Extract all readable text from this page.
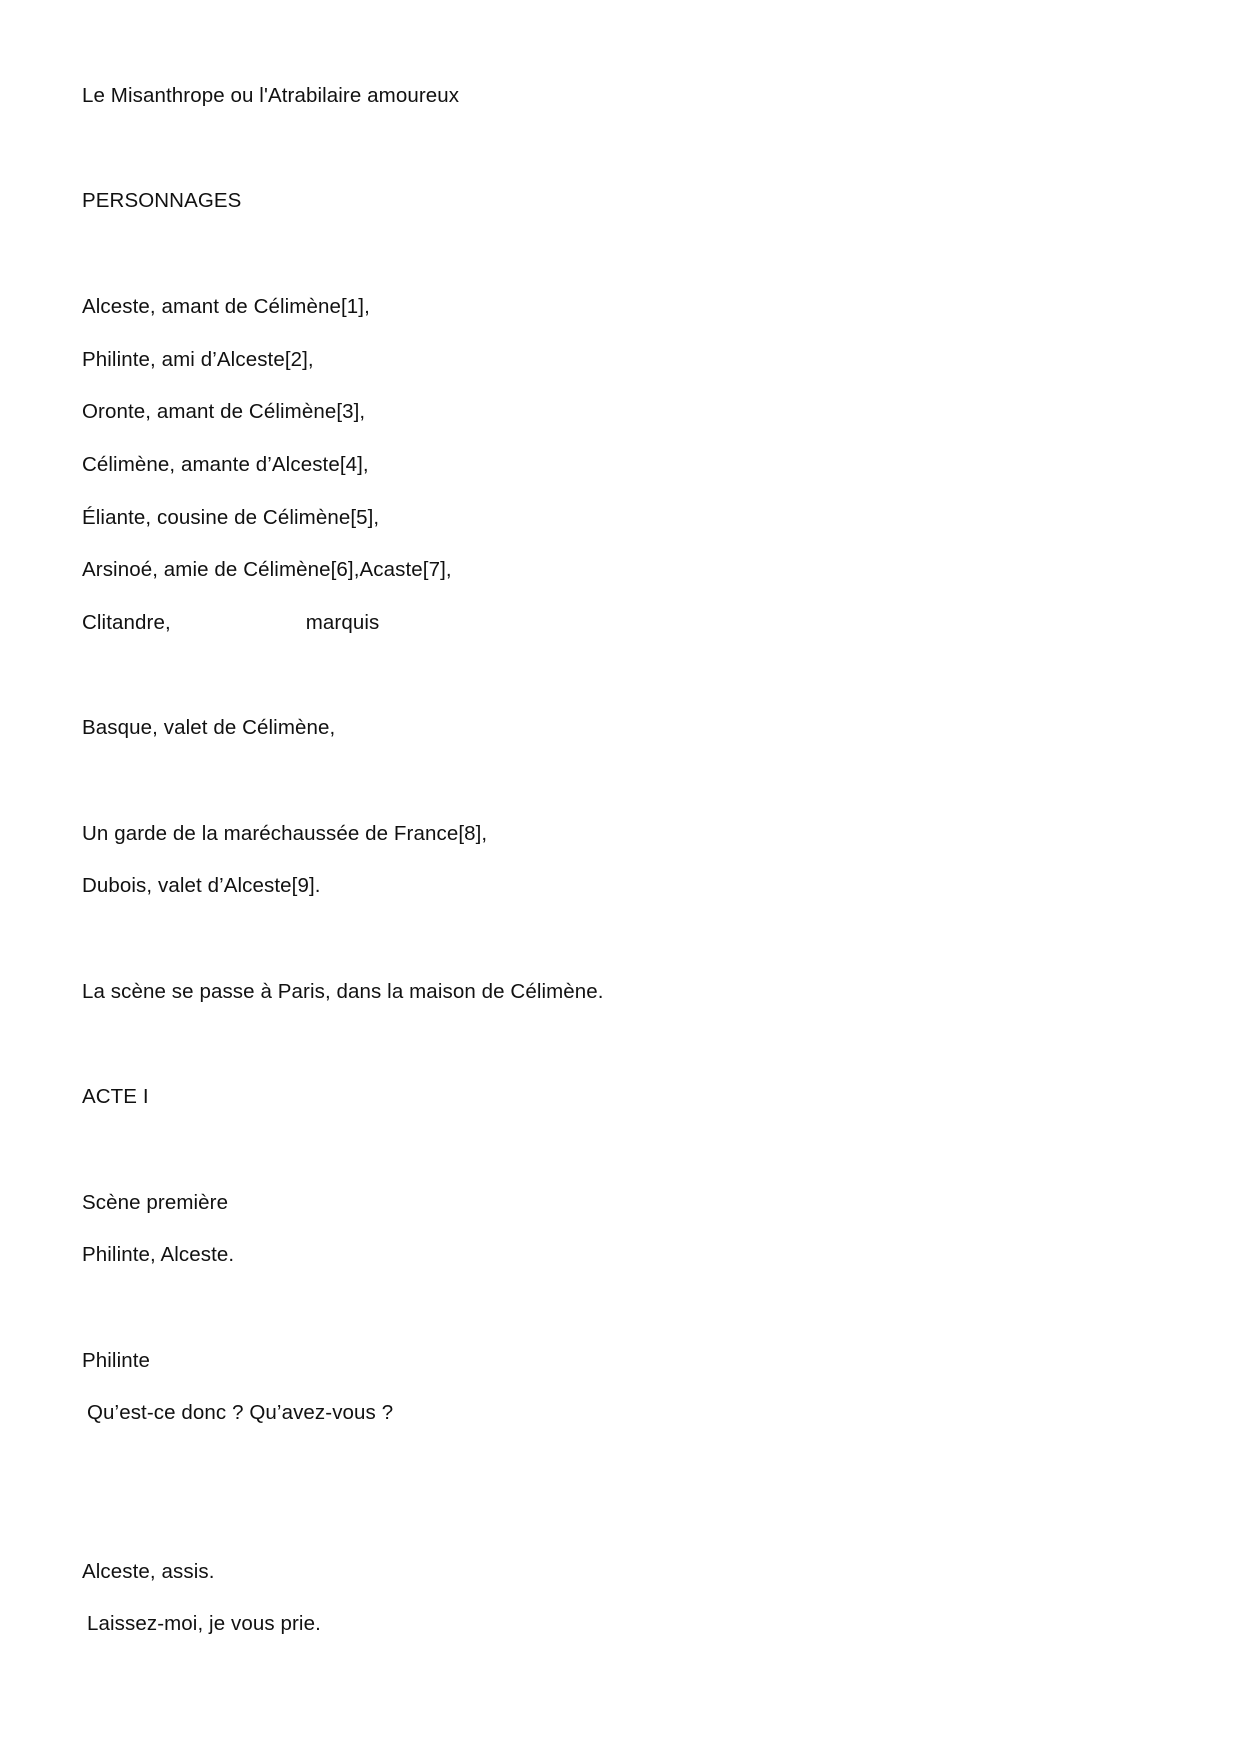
Le Misanthrope ou l'Atrabilaire amoureux
PERSONNAGES
Alceste, amant de Célimène[1],
Philinte, ami d’Alceste[2],
Oronte, amant de Célimène[3],
Célimène, amante d’Alceste[4],
Éliante, cousine de Célimène[5],
Arsinoé, amie de Célimène[6],Acaste[7],
Clitandre,	marquis
Basque, valet de Célimène,
Un garde de la maréchaussée de France[8],
Dubois, valet d’Alceste[9].
La scène se passe à Paris, dans la maison de Célimène.
ACTE I
Scène première
Philinte, Alceste.
Philinte
Qu’est-ce donc ? Qu’avez-vous ?
Alceste, assis.
Laissez-moi, je vous prie.
